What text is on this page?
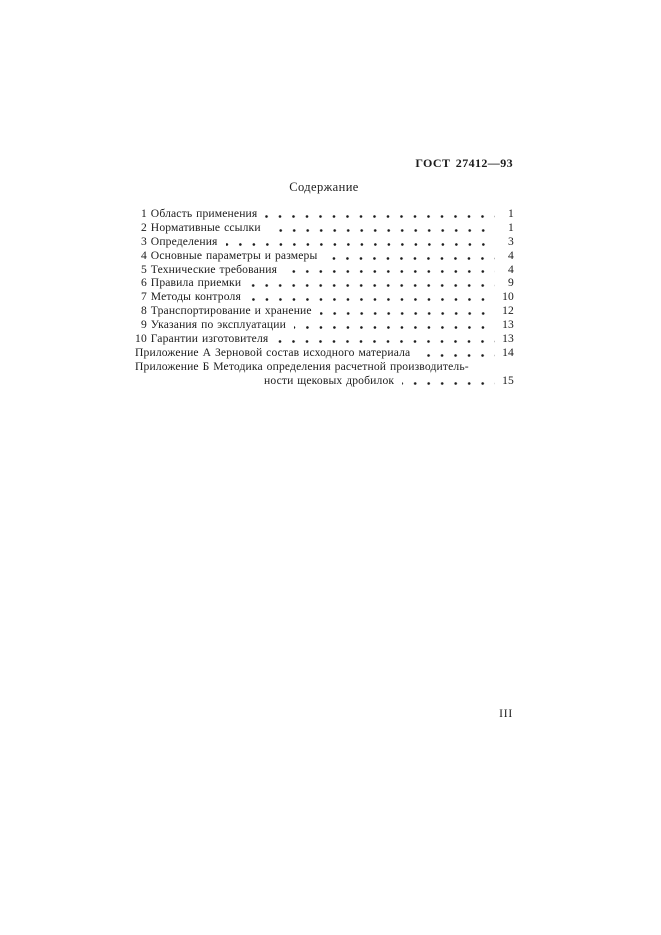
ГОСТ 27412—93
Содержание
1 Область применения	1
2 Нормативные ссылки	1
3 Определения	3
4 Основные параметры и размеры	4
5 Технические требования	4
6 Правила приемки	9
7 Методы контроля	10
8 Транспортирование и хранение	12
9 Указания по эксплуатации	13
10 Гарантии изготовителя	13
Приложение А Зерновой состав исходного материала	14
Приложение Б Методика определения расчетной производитель-
ности щековых дробилок	15
III
